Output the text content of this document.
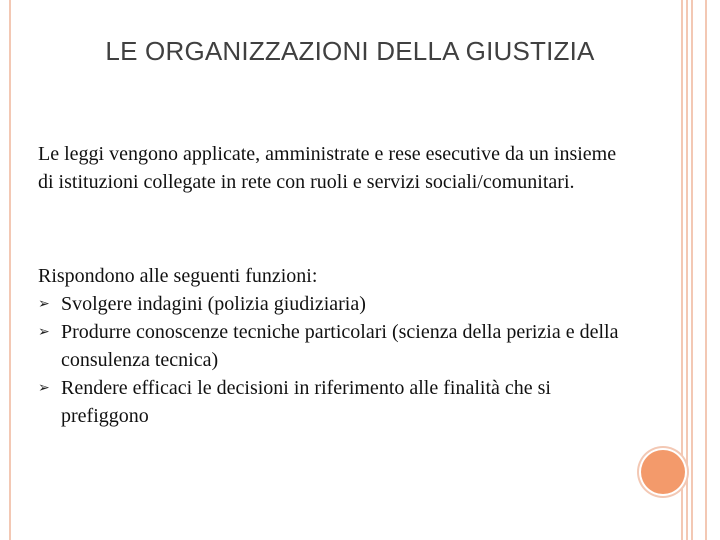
LE ORGANIZZAZIONI DELLA GIUSTIZIA
Le leggi vengono applicate, amministrate e rese esecutive da un insieme di istituzioni collegate in rete con ruoli e servizi sociali/comunitari.
Rispondono alle seguenti funzioni:
➢ Svolgere indagini (polizia giudiziaria)
➢ Produrre conoscenze tecniche particolari (scienza della perizia e della consulenza tecnica)
➢ Rendere efficaci le decisioni in riferimento alle finalità che si prefiggono
